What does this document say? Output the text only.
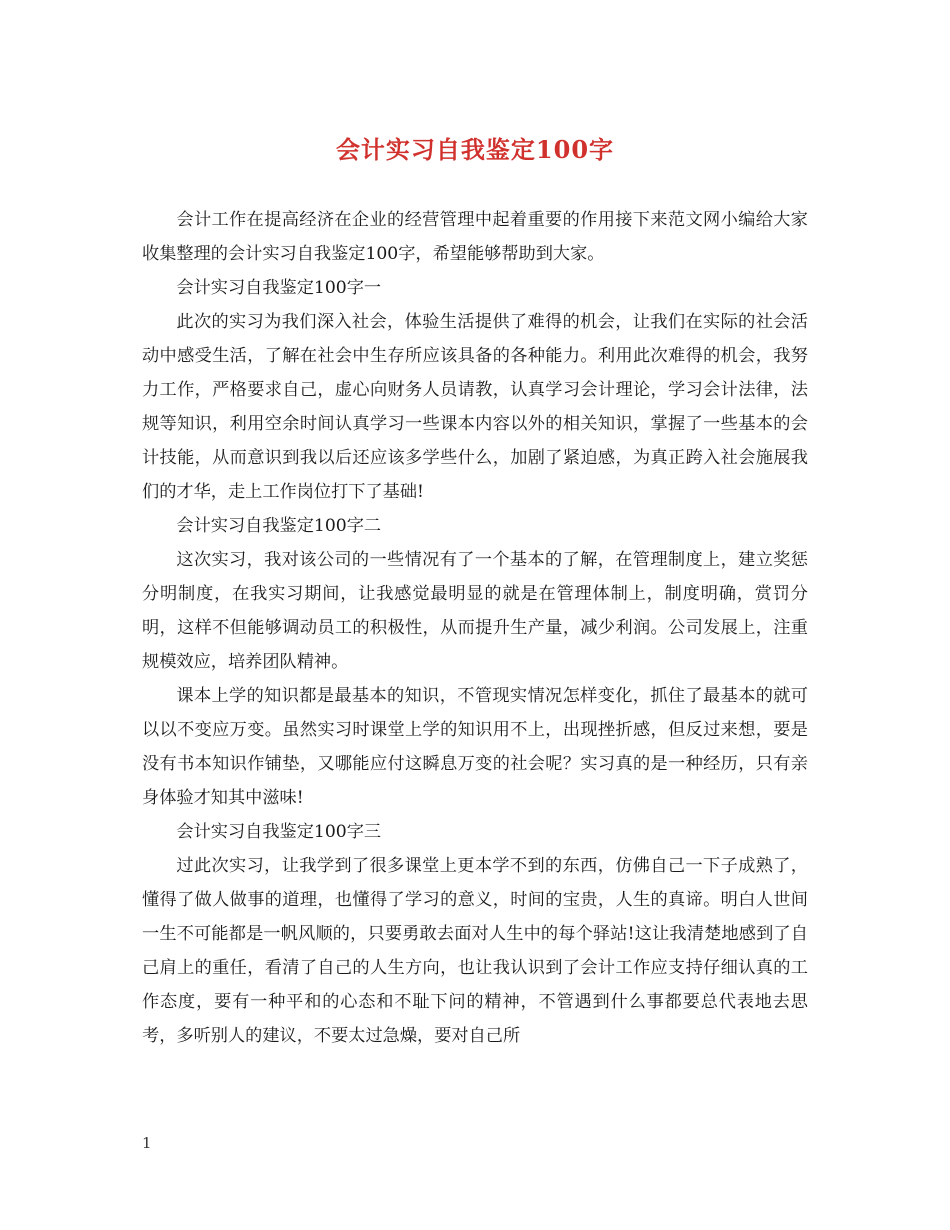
会计实习自我鉴定100字

会计工作在提高经济在企业的经营管理中起着重要的作用接下来范文网小编给大家收集整理的会计实习自我鉴定100字，希望能够帮助到大家。

会计实习自我鉴定100字一

此次的实习为我们深入社会，体验生活提供了难得的机会，让我们在实际的社会活动中感受生活，了解在社会中生存所应该具备的各种能力。利用此次难得的机会，我努力工作，严格要求自己，虚心向财务人员请教，认真学习会计理论，学习会计法律，法规等知识，利用空余时间认真学习一些课本内容以外的相关知识，掌握了一些基本的会计技能，从而意识到我以后还应该多学些什么，加剧了紧迫感，为真正跨入社会施展我们的才华，走上工作岗位打下了基础!

会计实习自我鉴定100字二

这次实习，我对该公司的一些情况有了一个基本的了解，在管理制度上，建立奖惩分明制度，在我实习期间，让我感觉最明显的就是在管理体制上，制度明确，赏罚分明，这样不但能够调动员工的积极性，从而提升生产量，减少利润。公司发展上，注重规模效应，培养团队精神。

课本上学的知识都是最基本的知识，不管现实情况怎样变化，抓住了最基本的就可以以不变应万变。虽然实习时课堂上学的知识用不上，出现挫折感，但反过来想，要是没有书本知识作铺垫，又哪能应付这瞬息万变的社会呢？实习真的是一种经历，只有亲身体验才知其中滋味!

会计实习自我鉴定100字三

过此次实习，让我学到了很多课堂上更本学不到的东西，仿佛自己一下子成熟了，懂得了做人做事的道理，也懂得了学习的意义，时间的宝贵，人生的真谛。明白人世间一生不可能都是一帆风顺的，只要勇敢去面对人生中的每个驿站!这让我清楚地感到了自己肩上的重任，看清了自己的人生方向，也让我认识到了会计工作应支持仔细认真的工作态度，要有一种平和的心态和不耻下问的精神，不管遇到什么事都要总代表地去思考，多听别人的建议，不要太过急燥，要对自己所

1
